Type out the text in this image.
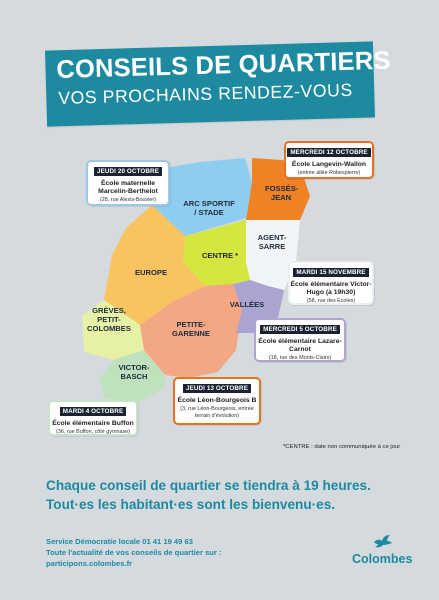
CONSEILS DE QUARTIERS
VOS PROCHAINS RENDEZ-VOUS
ARC SPORTIF / STADE
FOSSÉS-JEAN
AGENT-SARRE
CENTRE *
EUROPE
GRÈVES, PETIT-COLOMBES	PETITE-GARENNE
VALLÉES
VICTOR-BASCH
JEUDI 20 OCTOBRE
École maternelle Marcelin-Berthelot
(28, rue Alexis-Bouvier)
MERCREDI 12 OCTOBRE
École Langevin-Wallon
(entrée allée Robespierre)
MARDI 15 NOVEMBRE
École élémentaire Victor-Hugo (à 19h30)
(58, rue des Écoles)
MERCREDI 5 OCTOBRE
École élémentaire Lazare-Carnot
(18, rue des Monts-Clairs)
JEUDI 13 OCTOBRE
École Léon-Bourgeois B
(3, rue Léon-Bourgeois, entrée terrain d'évolution)
MARDI 4 OCTOBRE
École élémentaire Buffon
(36, rue Buffon, côté gymnase)
*CENTRE : date non communiquée à ce jour
Chaque conseil de quartier se tiendra à 19 heures.
Tout·es les habitant·es sont les bienvenu·es.
Service Démocratie locale 01 41 19 49 63
Toute l'actualité de vos conseils de quartier sur :
participons.colombes.fr	Colombes
